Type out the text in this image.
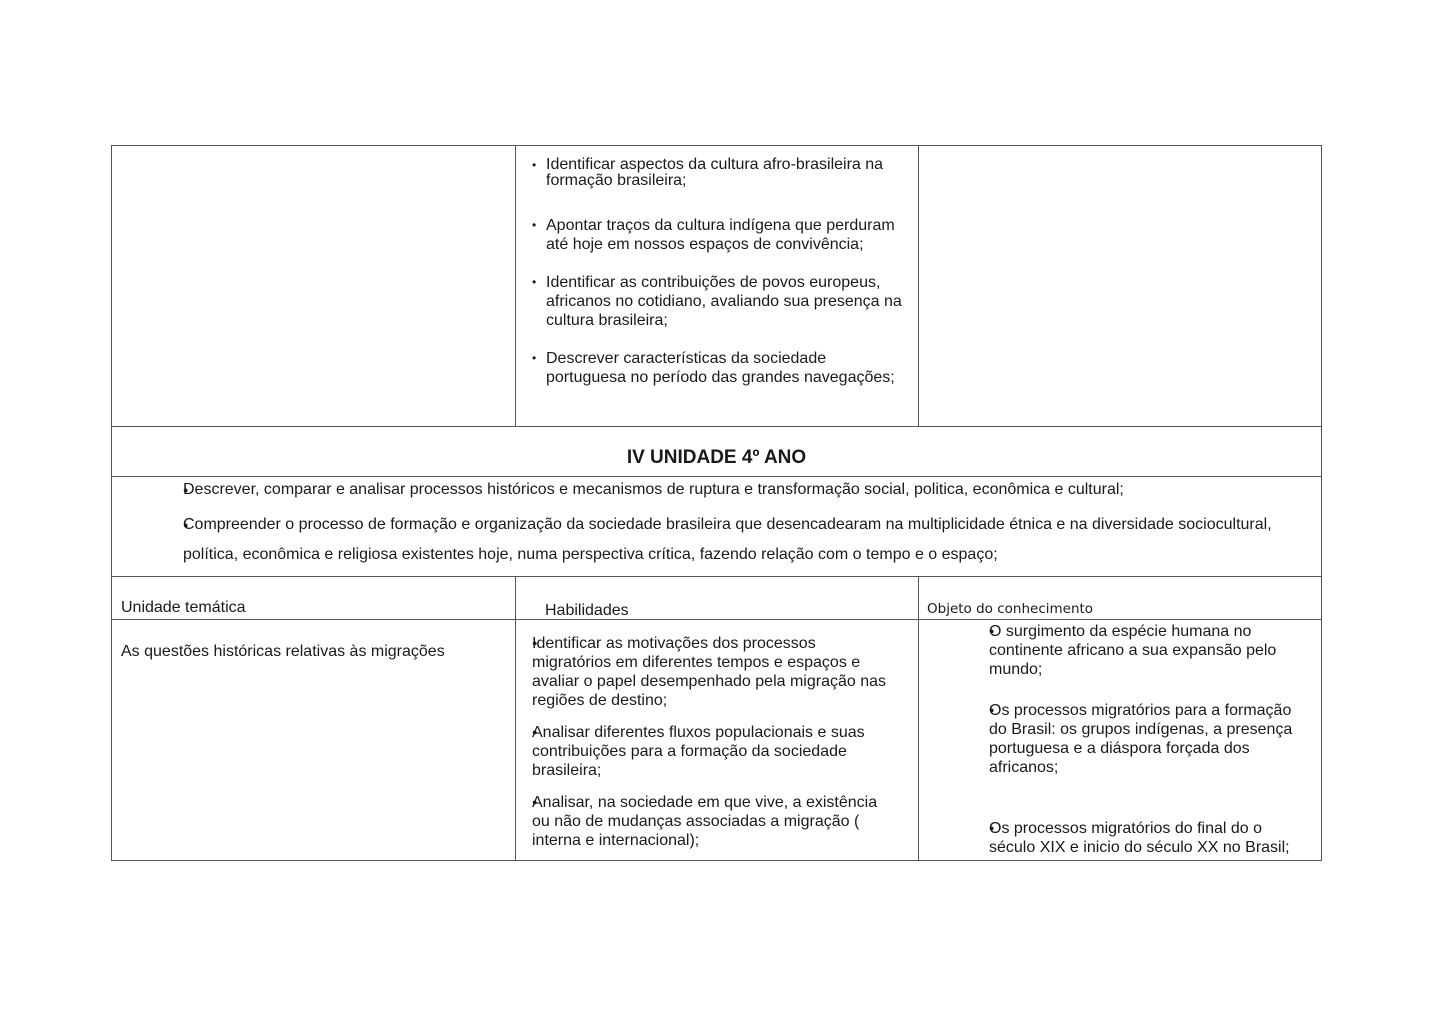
• Identificar aspectos da cultura afro-brasileira na formação brasileira;
• Apontar traços da cultura indígena que perduram até hoje em nossos espaços de convivência;
• Identificar as contribuições de povos europeus, africanos no cotidiano, avaliando sua presença na cultura brasileira;
• Descrever características da sociedade portuguesa no período das grandes navegações;
IV UNIDADE 4º ANO
● Descrever, comparar e analisar processos históricos e mecanismos de ruptura e transformação social, politica, econômica e cultural;
● Compreender o processo de formação e organização da sociedade brasileira que desencadearam na multiplicidade étnica e na diversidade sociocultural, política, econômica e religiosa existentes hoje, numa perspectiva crítica, fazendo relação com o tempo e o espaço;
Unidade temática	Habilidades	Objeto do conhecimento
As questões históricas relativas às migrações
●	Identificar as motivações dos processos migratórios em diferentes tempos e espaços e avaliar o papel desempenhado pela migração nas regiões de destino;
● Analisar diferentes fluxos populacionais e suas contribuições para a formação da sociedade brasileira;
● Analisar, na sociedade em que vive, a existência ou não de mudanças associadas a migração ( interna e internacional);
● O surgimento da espécie humana no continente africano a sua expansão pelo mundo;
● Os processos migratórios para a formação do Brasil: os grupos indígenas, a presença portuguesa e a diáspora forçada dos africanos;
● Os processos migratórios do final do o século XIX e inicio do século XX no Brasil;
